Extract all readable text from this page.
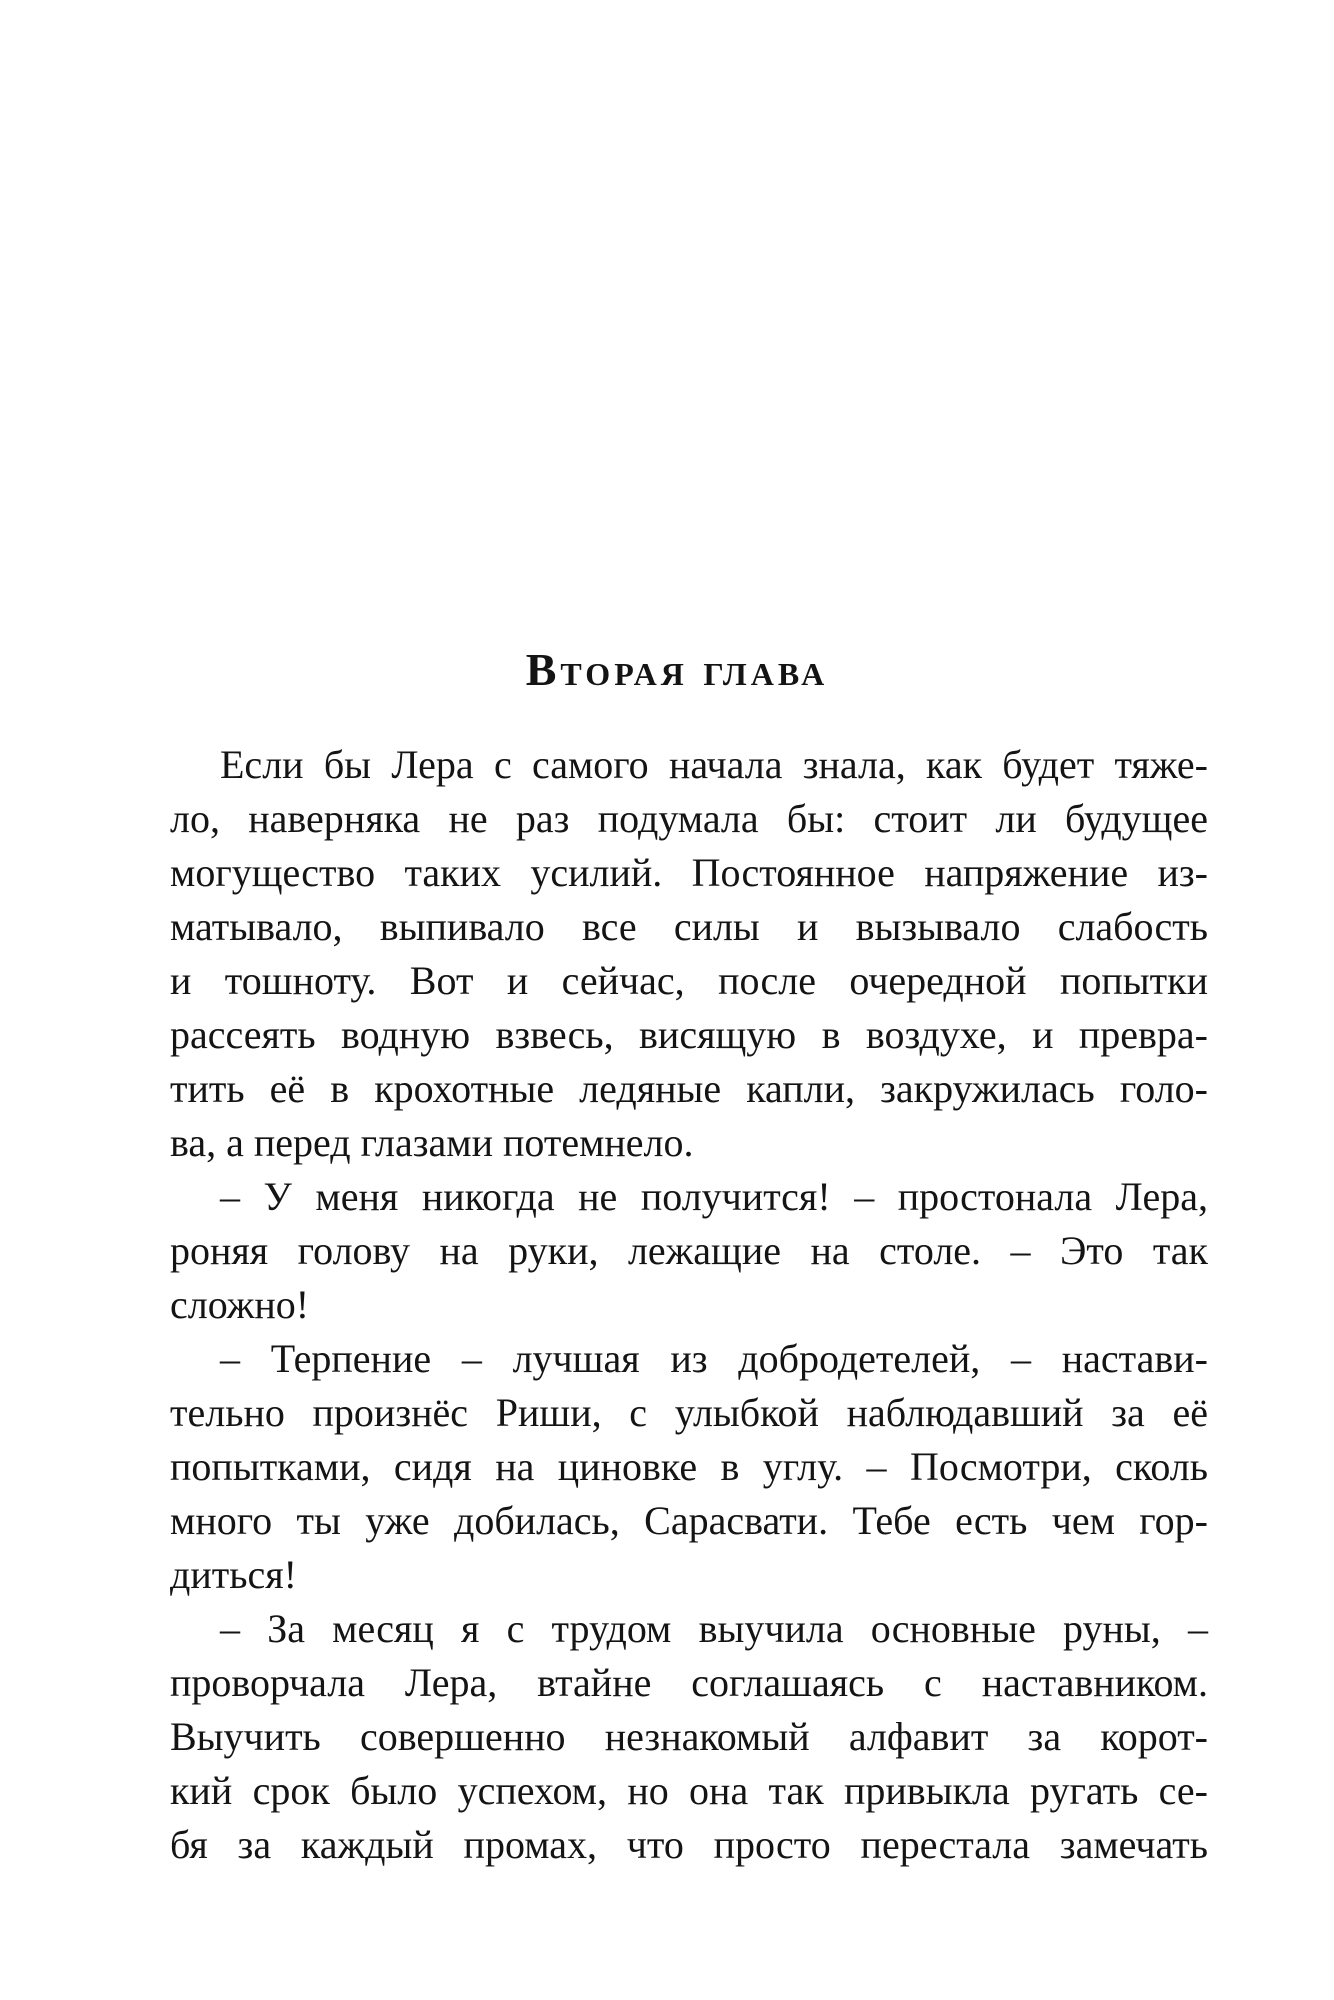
Вторая глава
Если бы Лера с самого начала знала, как будет тяже-
ло, наверняка не раз подумала бы: стоит ли будущее
могущество таких усилий. Постоянное напряжение из-
матывало, выпивало все силы и вызывало слабость
и тошноту. Вот и сейчас, после очередной попытки
рассеять водную взвесь, висящую в воздухе, и превра-
тить её в крохотные ледяные капли, закружилась голо-
ва, а перед глазами потемнело.
– У меня никогда не получится! – простонала Лера,
роняя голову на руки, лежащие на столе. – Это так
сложно!
– Терпение – лучшая из добродетелей, – настави-
тельно произнёс Риши, с улыбкой наблюдавший за её
попытками, сидя на циновке в углу. – Посмотри, сколь
много ты уже добилась, Сарасвати. Тебе есть чем гор-
диться!
– За месяц я с трудом выучила основные руны, –
проворчала Лера, втайне соглашаясь с наставником.
Выучить совершенно незнакомый алфавит за корот-
кий срок было успехом, но она так привыкла ругать се-
бя за каждый промах, что просто перестала замечать
